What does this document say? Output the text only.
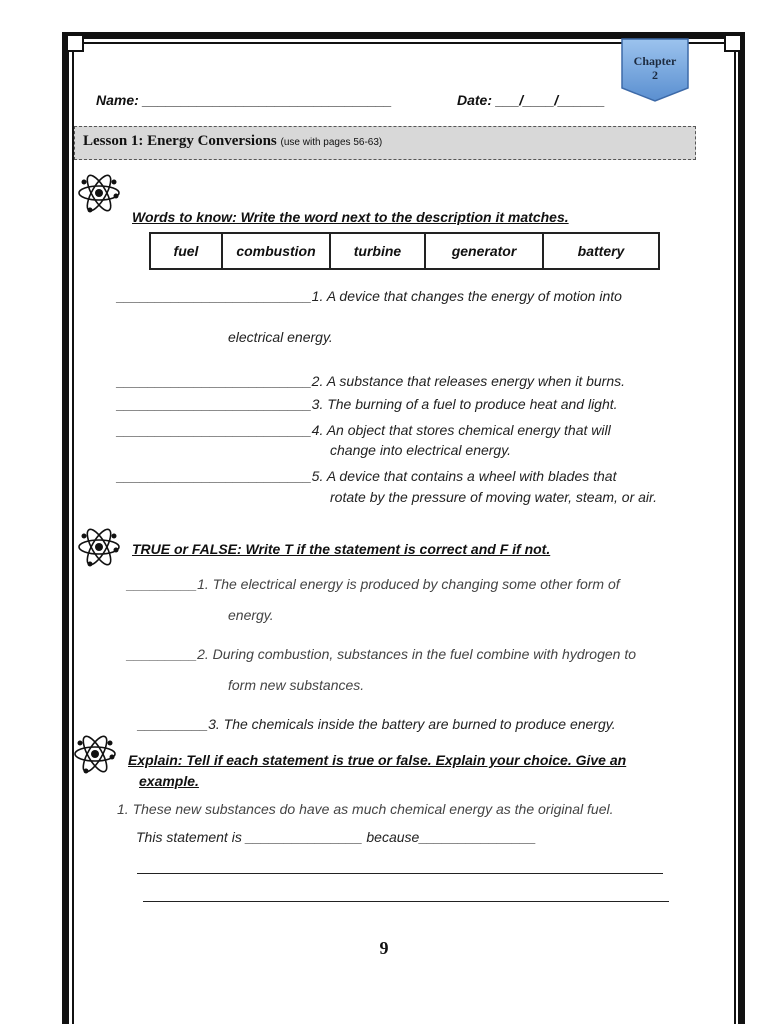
Chapter
2
Name: ________________________________	Date: ___/____/______
Lesson 1: Energy Conversions (use with pages 56-63)
Words to know: Write the word next to the description it matches.
fuel	combustion	turbine	generator	battery
_________________________1. A device that changes the energy of motion into
electrical energy.
_________________________2. A substance that releases energy when it burns.
_________________________3. The burning of a fuel to produce heat and light.
_________________________4. An object that stores chemical energy that will
change into electrical energy.
_________________________5. A device that contains a wheel with blades that
rotate by the pressure of moving water, steam, or air.
TRUE or FALSE: Write T if the statement is correct and F if not.
_________1. The electrical energy is produced by changing some other form of
energy.
_________2. During combustion, substances in the fuel combine with hydrogen to
form new substances.
_________3. The chemicals inside the battery are burned to produce energy.
Explain: Tell if each statement is true or false. Explain your choice. Give an
example.
1. These new substances do have as much chemical energy as the original fuel.
This statement is _______________ because_______________
9
